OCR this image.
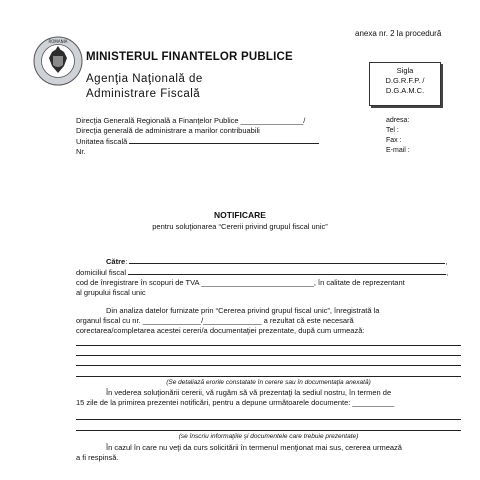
anexa nr. 2 la procedură
ROMANIA
MINISTERUL FINANTELOR PUBLICE
Agenţia Naţională de
Administrare Fiscală
Sigla
D.G.R.F.P. /
D.G.A.M.C.
Direcţia Generală Regională a Finanţelor Publice _______________/
Direcţia generală de administrare a marilor contribuabili
Unitatea fiscală
Nr.
adresa:
Tel :
Fax :
E-mail :
NOTIFICARE
pentru soluţionarea “Cererii privind grupul fiscal unic”
Către:	,
domiciliul fiscal	,
cod de înregistrare în scopuri de TVA ___________________________, în calitate de reprezentant
al grupului fiscal unic
Din analiza datelor furnizate prin “Cererea privind grupul fiscal unic”, înregistrată la
organul fiscal cu nr. ______________/______________ a rezultat că este necesară
corectarea/completarea acestei cereri/a documentaţiei prezentate, după cum urmează:
(Se detaliază erorile constatate în cerere sau în documentaţia anexată)
În vederea soluţionării cererii, vă rugăm să vă prezentaţi la sediul nostru, în termen de
15 zile de la primirea prezentei notificări, pentru a depune următoarele documente: __________
(se înscriu informaţiile şi documentele care trebuie prezentate)
În cazul în care nu veţi da curs solicitării în termenul menţionat mai sus, cererea urmează
a fi respinsă.
